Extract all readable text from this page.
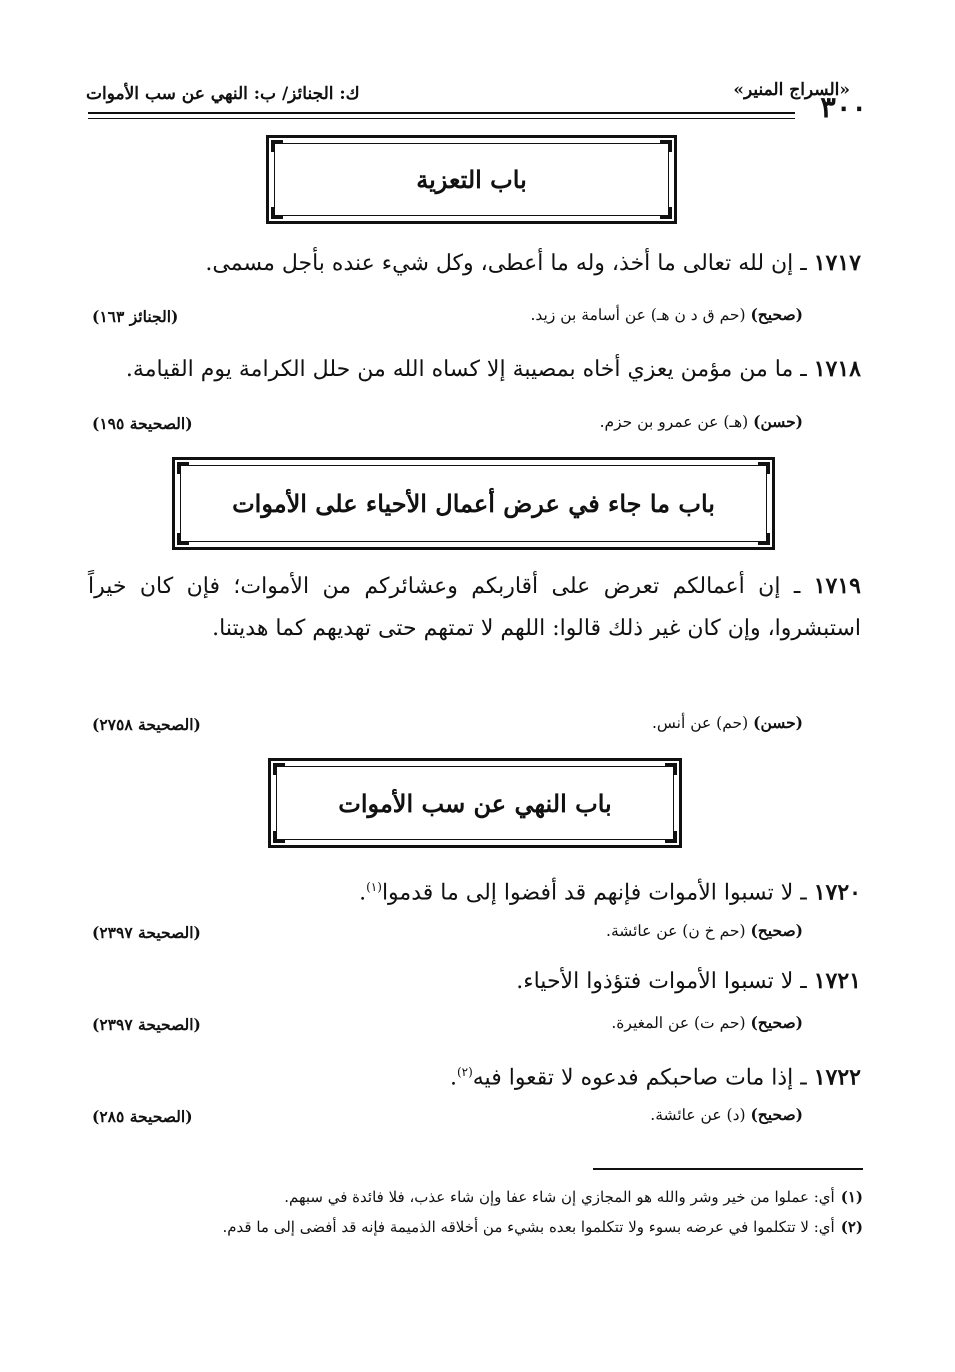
٣٠٠
«السراج المنير»
ك: الجنائز/ ب: النهي عن سب الأموات
باب التعزية
١٧١٧ ـ إن لله تعالى ما أخذ، وله ما أعطى، وكل شيء عنده بأجل مسمى.
(صحيح) (حم ق د ن هـ) عن أسامة بن زيد.
(الجنائز ١٦٣)
١٧١٨ ـ ما من مؤمن يعزي أخاه بمصيبة إلا كساه الله من حلل الكرامة يوم القيامة.
(حسن) (هـ) عن عمرو بن حزم.
(الصحيحة ١٩٥)
باب ما جاء في عرض أعمال الأحياء على الأموات
١٧١٩ ـ إن أعمالكم تعرض على أقاربكم وعشائركم من الأموات؛ فإن كان خيراً استبشروا، وإن كان غير ذلك قالوا: اللهم لا تمتهم حتى تهديهم كما هديتنا.
(حسن) (حم) عن أنس.
(الصحيحة ٢٧٥٨)
باب النهي عن سب الأموات
١٧٢٠ ـ لا تسبوا الأموات فإنهم قد أفضوا إلى ما قدموا$^{(١)}$.
(صحيح) (حم خ ن) عن عائشة.
(الصحيحة ٢٣٩٧)
١٧٢١ ـ لا تسبوا الأموات فتؤذوا الأحياء.
(صحيح) (حم ت) عن المغيرة.
(الصحيحة ٢٣٩٧)
١٧٢٢ ـ إذا مات صاحبكم فدعوه لا تقعوا فيه$^{(٢)}$.
(صحيح) (د) عن عائشة.
(الصحيحة ٢٨٥)
(١)أي: عملوا من خير وشر والله هو المجازي إن شاء عفا وإن شاء عذب، فلا فائدة في سبهم.
(٢)أي: لا تتكلموا في عرضه بسوء ولا تتكلموا بعده بشيء من أخلاقه الذميمة فإنه قد أفضى إلى ما قدم.
